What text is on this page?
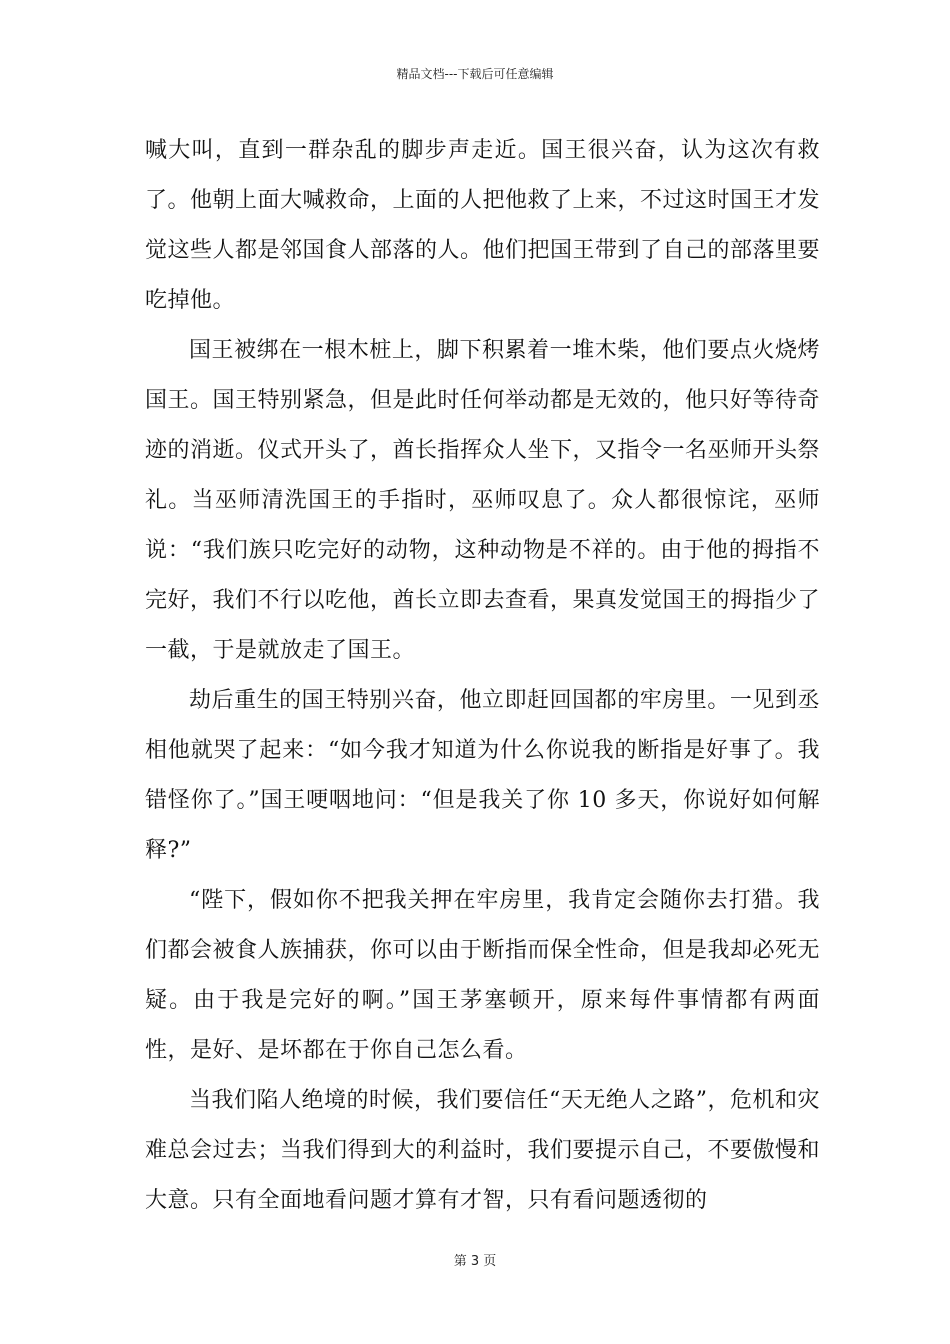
精品文档---下载后可任意编辑

喊大叫，直到一群杂乱的脚步声走近。国王很兴奋，认为这次有救了。他朝上面大喊救命，上面的人把他救了上来，不过这时国王才发觉这些人都是邻国食人部落的人。他们把国王带到了自己的部落里要吃掉他。

国王被绑在一根木桩上，脚下积累着一堆木柴，他们要点火烧烤国王。国王特别紧急，但是此时任何举动都是无效的，他只好等待奇迹的消逝。仪式开头了，酋长指挥众人坐下，又指令一名巫师开头祭礼。当巫师清洗国王的手指时，巫师叹息了。众人都很惊诧，巫师说：“我们族只吃完好的动物，这种动物是不祥的。由于他的拇指不完好，我们不行以吃他，酋长立即去查看，果真发觉国王的拇指少了一截，于是就放走了国王。

劫后重生的国王特别兴奋，他立即赶回国都的牢房里。一见到丞相他就哭了起来：“如今我才知道为什么你说我的断指是好事了。我错怪你了。”国王哽咽地问：“但是我关了你 10 多天，你说好如何解释?”

“陛下，假如你不把我关押在牢房里，我肯定会随你去打猎。我们都会被食人族捕获，你可以由于断指而保全性命，但是我却必死无疑。由于我是完好的啊。”国王茅塞顿开，原来每件事情都有两面性，是好、是坏都在于你自己怎么看。

当我们陷人绝境的时候，我们要信任“天无绝人之路”，危机和灾难总会过去；当我们得到大的利益时，我们要提示自己，不要傲慢和大意。只有全面地看问题才算有才智，只有看问题透彻的

第 3 页
